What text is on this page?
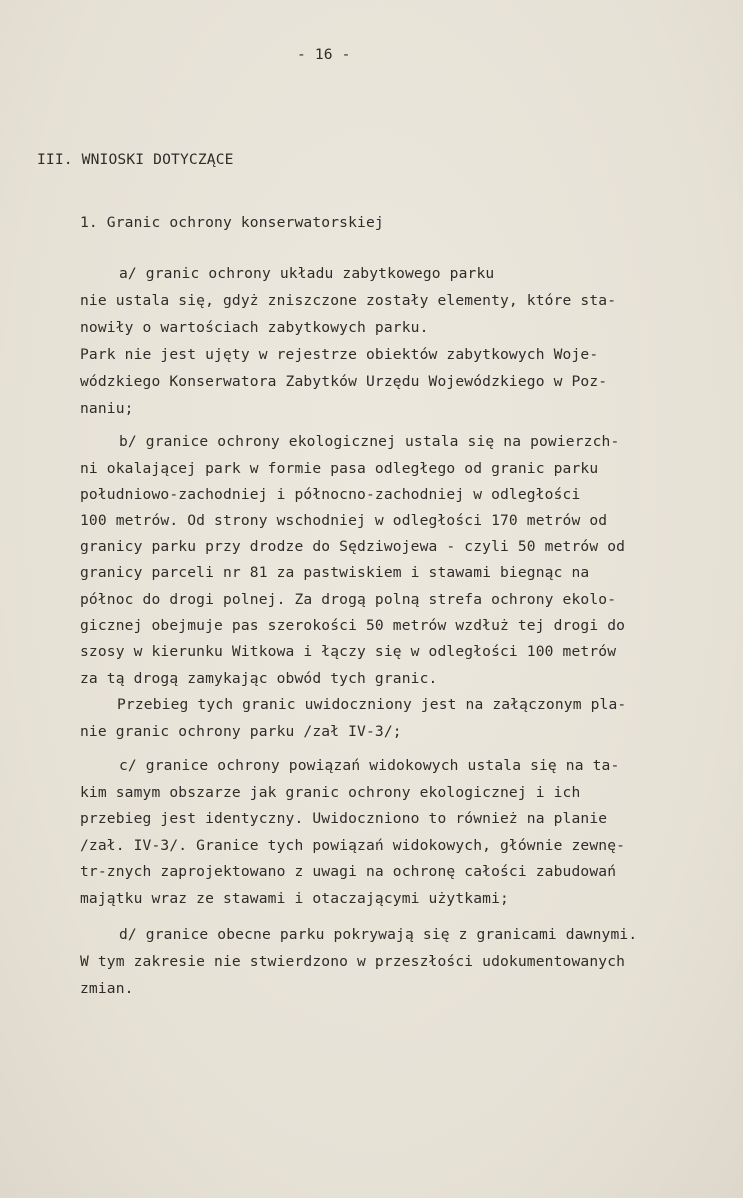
- 16 -
III. WNIOSKI DOTYCZĄCE
1. Granic ochrony konserwatorskiej
a/ granic ochrony układu zabytkowego parku
nie ustala się, gdyż zniszczone zostały elementy, które sta-
nowiły o wartościach zabytkowych parku.
Park nie jest ujęty w rejestrze obiektów zabytkowych Woje-
wódzkiego Konserwatora Zabytków Urzędu Wojewódzkiego w Poz-
naniu;
b/ granice ochrony ekologicznej ustala się na powierzch-
ni okalającej park w formie pasa odległego od granic parku
południowo-zachodniej i północno-zachodniej w odległości
100 metrów. Od strony wschodniej w odległości 170 metrów od
granicy parku przy drodze do Sędziwojewa - czyli 50 metrów od
granicy parceli nr 81 za pastwiskiem i stawami biegnąc na
północ do drogi polnej. Za drogą polną strefa ochrony ekolo-
gicznej obejmuje pas szerokości 50 metrów wzdłuż tej drogi do
szosy w kierunku Witkowa i łączy się w odległości 100 metrów
za tą drogą zamykając obwód tych granic.
Przebieg tych granic uwidoczniony jest na załączonym pla-
nie granic ochrony parku /zał IV-3/;
c/ granice ochrony powiązań widokowych ustala się na ta-
kim samym obszarze jak granic ochrony ekologicznej i ich
przebieg jest identyczny. Uwidoczniono to również na planie
/zał. IV-3/. Granice tych powiązań widokowych, głównie zewnę-
tr-znych zaprojektowano z uwagi na ochronę całości zabudowań
majątku wraz ze stawami i otaczającymi użytkami;
d/ granice obecne parku pokrywają się z granicami dawnymi.
W tym zakresie nie stwierdzono w przeszłości udokumentowanych
zmian.
